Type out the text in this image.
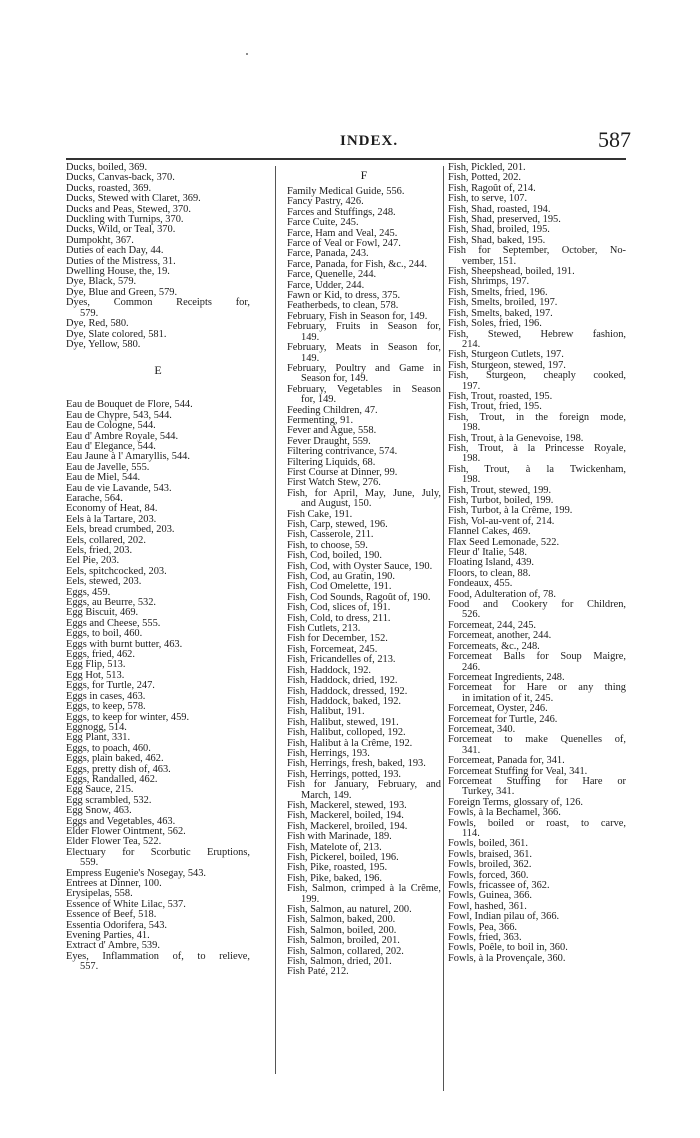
INDEX.	587
Ducks, boiled, 369.
Ducks, Canvas-back, 370.
Ducks, roasted, 369.
Ducks, Stewed with Claret, 369.
Ducks and Peas, Stewed, 370.
Duckling with Turnips, 370.
Ducks, Wild, or Teal, 370.
Dumpokht, 367.
Duties of each Day, 44.
Duties of the Mistress, 31.
Dwelling House, the, 19.
Dye, Black, 579.
Dye, Blue and Green, 579.
Dyes, Common Receipts for,
579.
Dye, Red, 580.
Dye, Slate colored, 581.
Dye, Yellow, 580.
E
Eau de Bouquet de Flore, 544.
Eau de Chypre, 543, 544.
Eau de Cologne, 544.
Eau d' Ambre Royale, 544.
Eau d' Elegance, 544.
Eau Jaune à l' Amaryllis, 544.
Eau de Javelle, 555.
Eau de Miel, 544.
Eau de vie Lavande, 543.
Earache, 564.
Economy of Heat, 84.
Eels à la Tartare, 203.
Eels, bread crumbed, 203.
Eels, collared, 202.
Eels, fried, 203.
Eel Pie, 203.
Eels, spitchcocked, 203.
Eels, stewed, 203.
Eggs, 459.
Eggs, au Beurre, 532.
Egg Biscuit, 469.
Eggs and Cheese, 555.
Eggs, to boil, 460.
Eggs with burnt butter, 463.
Eggs, fried, 462.
Egg Flip, 513.
Egg Hot, 513.
Eggs, for Turtle, 247.
Eggs in cases, 463.
Eggs, to keep, 578.
Eggs, to keep for winter, 459.
Eggnogg, 514.
Egg Plant, 331.
Eggs, to poach, 460.
Eggs, plain baked, 462.
Eggs, pretty dish of, 463.
Eggs, Randalled, 462.
Egg Sauce, 215.
Egg scrambled, 532.
Egg Snow, 463.
Eggs and Vegetables, 463.
Elder Flower Ointment, 562.
Elder Flower Tea, 522.
Electuary for Scorbutic Eruptions,
559.
Empress Eugenie's Nosegay, 543.
Entrees at Dinner, 100.
Erysipelas, 558.
Essence of White Lilac, 537.
Essence of Beef, 518.
Essentia Odorifera, 543.
Evening Parties, 41.
Extract d' Ambre, 539.
Eyes, Inflammation of, to relieve,
557.
F
Family Medical Guide, 556.
Fancy Pastry, 426.
Farces and Stuffings, 248.
Farce Cuite, 245.
Farce, Ham and Veal, 245.
Farce of Veal or Fowl, 247.
Farce, Panada, 243.
Farce, Panada, for Fish, &c., 244.
Farce, Quenelle, 244.
Farce, Udder, 244.
Fawn or Kid, to dress, 375.
Featherbeds, to clean, 578.
February, Fish in Season for, 149.
February, Fruits in Season for,
149.
February, Meats in Season for,
149.
February, Poultry and Game in
Season for, 149.
February, Vegetables in Season
for, 149.
Feeding Children, 47.
Fermenting, 91.
Fever and Ague, 558.
Fever Draught, 559.
Filtering contrivance, 574.
Filtering Liquids, 68.
First Course at Dinner, 99.
First Watch Stew, 276.
Fish, for April, May, June, July,
and August, 150.
Fish Cake, 191.
Fish, Carp, stewed, 196.
Fish, Casserole, 211.
Fish, to choose, 59.
Fish, Cod, boiled, 190.
Fish, Cod, with Oyster Sauce, 190.
Fish, Cod, au Gratin, 190.
Fish, Cod Omelette, 191.
Fish, Cod Sounds, Ragoût of, 190.
Fish, Cod, slices of, 191.
Fish, Cold, to dress, 211.
Fish Cutlets, 213.
Fish for December, 152.
Fish, Forcemeat, 245.
Fish, Fricandelles of, 213.
Fish, Haddock, 192.
Fish, Haddock, dried, 192.
Fish, Haddock, dressed, 192.
Fish, Haddock, baked, 192.
Fish, Halibut, 191.
Fish, Halibut, stewed, 191.
Fish, Halibut, colloped, 192.
Fish, Halibut à la Crême, 192.
Fish, Herrings, 193.
Fish, Herrings, fresh, baked, 193.
Fish, Herrings, potted, 193.
Fish for January, February, and
March, 149.
Fish, Mackerel, stewed, 193.
Fish, Mackerel, boiled, 194.
Fish, Mackerel, broiled, 194.
Fish with Marinade, 189.
Fish, Matelote of, 213.
Fish, Pickerel, boiled, 196.
Fish, Pike, roasted, 195.
Fish, Pike, baked, 196.
Fish, Salmon, crimped à la Crême,
199.
Fish, Salmon, au naturel, 200.
Fish, Salmon, baked, 200.
Fish, Salmon, boiled, 200.
Fish, Salmon, broiled, 201.
Fish, Salmon, collared, 202.
Fish, Salmon, dried, 201.
Fish Paté, 212.
Fish, Pickled, 201.
Fish, Potted, 202.
Fish, Ragoût of, 214.
Fish, to serve, 107.
Fish, Shad, roasted, 194.
Fish, Shad, preserved, 195.
Fish, Shad, broiled, 195.
Fish, Shad, baked, 195.
Fish for September, October, No-
vember, 151.
Fish, Sheepshead, boiled, 191.
Fish, Shrimps, 197.
Fish, Smelts, fried, 196.
Fish, Smelts, broiled, 197.
Fish, Smelts, baked, 197.
Fish, Soles, fried, 196.
Fish, Stewed, Hebrew fashion,
214.
Fish, Sturgeon Cutlets, 197.
Fish, Sturgeon, stewed, 197.
Fish, Sturgeon, cheaply cooked,
197.
Fish, Trout, roasted, 195.
Fish, Trout, fried, 195.
Fish, Trout, in the foreign mode,
198.
Fish, Trout, à la Genevoise, 198.
Fish, Trout, à la Princesse Royale,
198.
Fish, Trout, à la Twickenham,
198.
Fish, Trout, stewed, 199.
Fish, Turbot, boiled, 199.
Fish, Turbot, à la Crême, 199.
Fish, Vol-au-vent of, 214.
Flannel Cakes, 469.
Flax Seed Lemonade, 522.
Fleur d' Italie, 548.
Floating Island, 439.
Floors, to clean, 88.
Fondeaux, 455.
Food, Adulteration of, 78.
Food and Cookery for Children,
526.
Forcemeat, 244, 245.
Forcemeat, another, 244.
Forcemeats, &c., 248.
Forcemeat Balls for Soup Maigre,
246.
Forcemeat Ingredients, 248.
Forcemeat for Hare or any thing
in imitation of it, 245.
Forcemeat, Oyster, 246.
Forcemeat for Turtle, 246.
Forcemeat, 340.
Forcemeat to make Quenelles of,
341.
Forcemeat, Panada for, 341.
Forcemeat Stuffing for Veal, 341.
Forcemeat Stuffing for Hare or
Turkey, 341.
Foreign Terms, glossary of, 126.
Fowls, à la Bechamel, 366.
Fowls, boiled or roast, to carve,
114.
Fowls, boiled, 361.
Fowls, braised, 361.
Fowls, broiled, 362.
Fowls, forced, 360.
Fowls, fricassee of, 362.
Fowls, Guinea, 366.
Fowl, hashed, 361.
Fowl, Indian pilau of, 366.
Fowls, Pea, 366.
Fowls, fried, 363.
Fowls, Poêle, to boil in, 360.
Fowls, à la Provençale, 360.
